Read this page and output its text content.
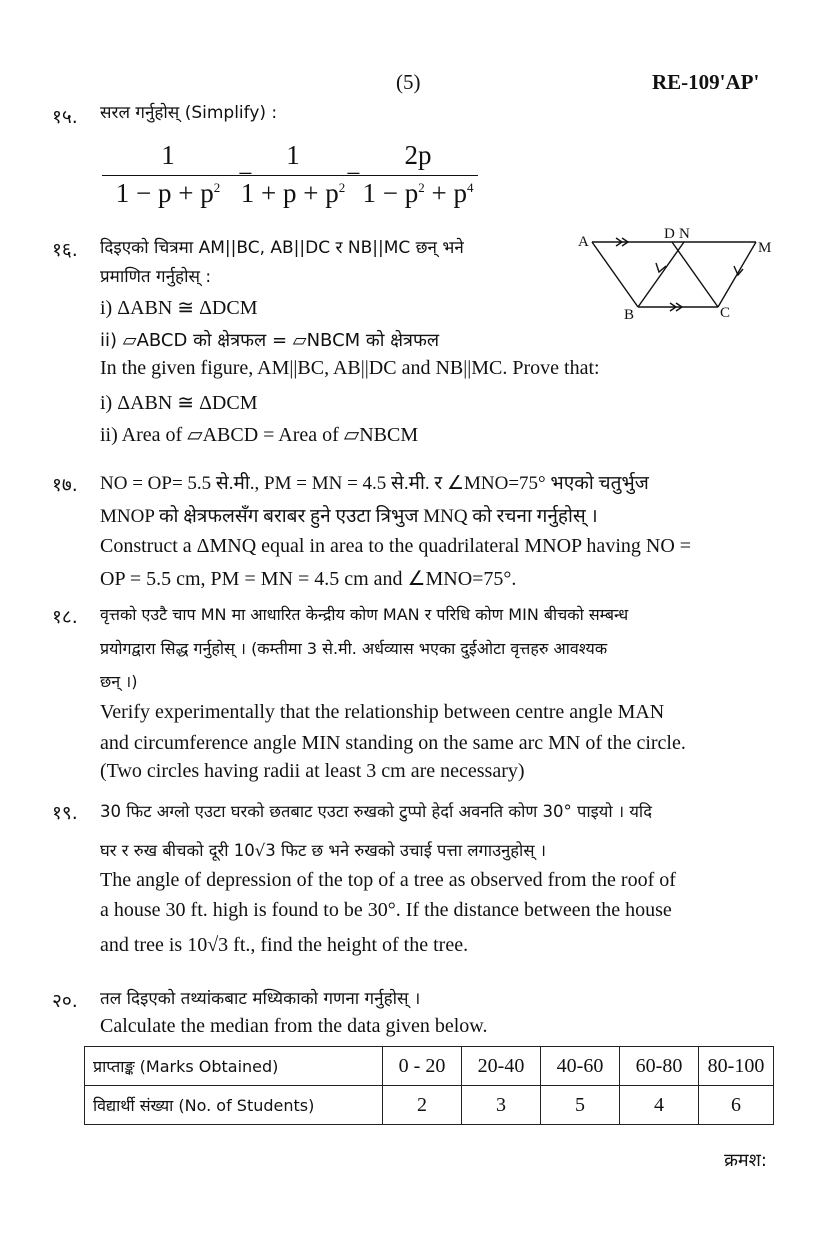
(5)	RE-109'AP'
१५. सरल गर्नुहोस् (Simplify) :
1
$1 - p + p^2$ −
1
$1 + p + p^2$ −
2p
$1 - p^2 + p^4$
१६. दिइएको चित्रमा AM||BC, AB||DC र NB||MC छन् भने
प्रमाणित गर्नुहोस् :
i) ΔABN ≅ ΔDCM
ii) ▱ABCD को क्षेत्रफल = ▱NBCM को क्षेत्रफल
In the given figure, AM||BC, AB||DC and NB||MC. Prove that:
i) ΔABN ≅ ΔDCM
ii) Area of ▱ABCD = Area of ▱NBCM
A	D N
M
B	C
१७. NO = OP= 5.5 से.मी., PM = MN = 4.5 से.मी. र ∠MNO=75° भएको चतुर्भुज
MNOP को क्षेत्रफलसँग बराबर हुने एउटा त्रिभुज MNQ को रचना गर्नुहोस् ।
Construct a ΔMNQ equal in area to the quadrilateral MNOP having NO =
OP = 5.5 cm, PM = MN = 4.5 cm and ∠MNO=75°.
१८. वृत्तको एउटै चाप MN मा आधारित केन्द्रीय कोण MAN र परिधि कोण MIN बीचको सम्बन्ध
प्रयोगद्वारा सिद्ध गर्नुहोस् । (कम्तीमा 3 से.मी. अर्धव्यास भएका दुईओटा वृत्तहरु आवश्यक
छन् ।)
Verify experimentally that the relationship between centre angle MAN
and circumference angle MIN standing on the same arc MN of the circle.
(Two circles having radii at least 3 cm are necessary)
१९. 30 फिट अग्लो एउटा घरको छतबाट एउटा रुखको टुप्पो हेर्दा अवनति कोण 30° पाइयो । यदि
घर र रुख बीचको दूरी 10√3 फिट छ भने रुखको उचाई पत्ता लगाउनुहोस् ।
The angle of depression of the top of a tree as observed from the roof of
a house 30 ft. high is found to be 30°. If the distance between the house
and tree is 10√3 ft., find the height of the tree.
२०. तल दिइएको तथ्यांकबाट मध्यिकाको गणना गर्नुहोस् ।
Calculate the median from the data given below.
प्राप्ताङ्क (Marks Obtained)	0 - 20	20-40	40-60	60-80	80-100
विद्यार्थी संख्या (No. of Students)	2	3	5	4	6
क्रमश:
